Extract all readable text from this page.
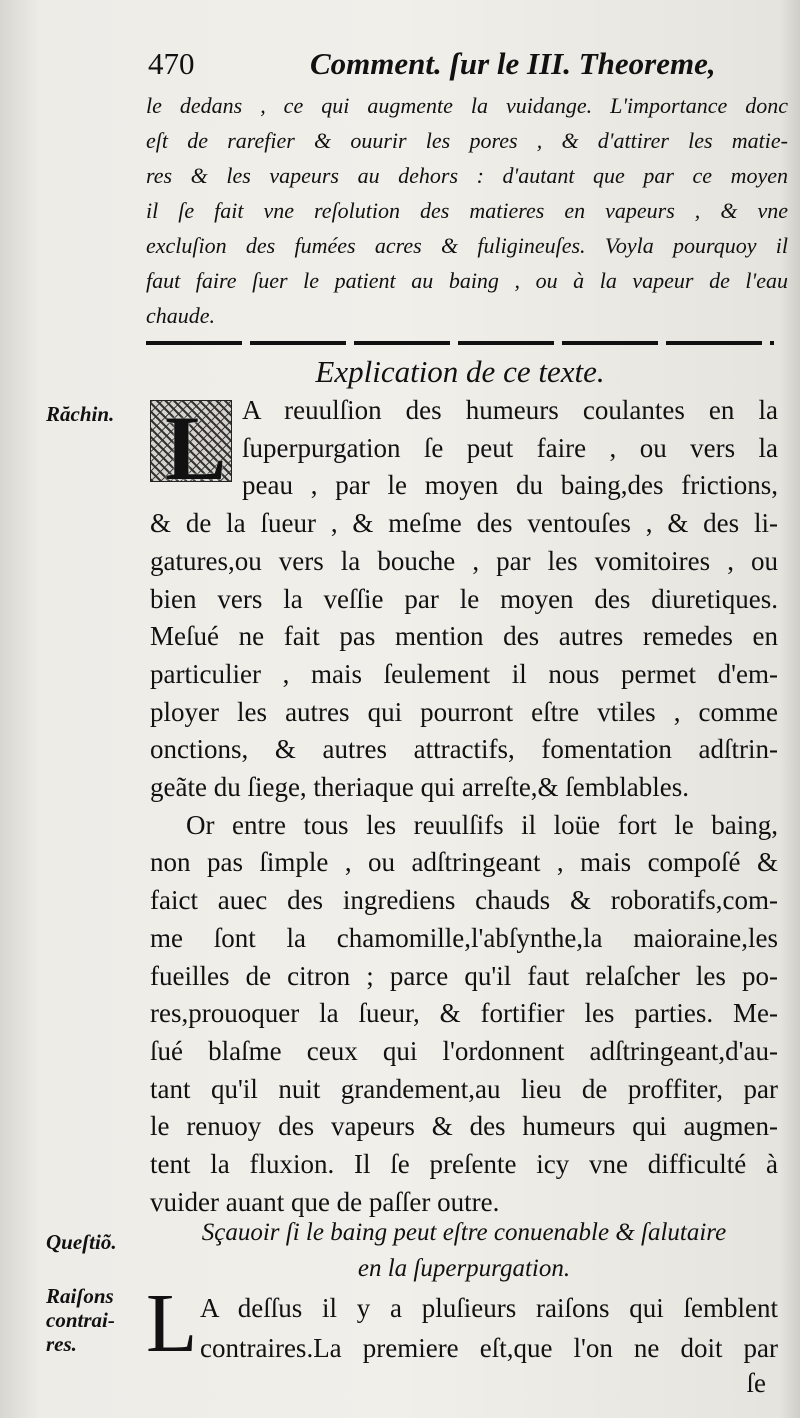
470	Comment. ſur le III. Theoreme,
le dedans , ce qui augmente la vuidange. L'importance donc
eſt de rarefier & ouurir les pores , & d'attirer les matie-
res & les vapeurs au dehors : d'autant que par ce moyen
il ſe fait vne reſolution des matieres en vapeurs , & vne
excluſion des fumées acres & fuligineuſes. Voyla pourquoy il
faut faire ſuer le patient au baing , ou à la vapeur de l'eau
chaude.
Explication de ce texte.
Răchin. L A reuulſion des humeurs coulantes en la
ſuperpurgation ſe peut faire , ou vers la
peau , par le moyen du baing,des frictions,
& de la ſueur , & meſme des ventouſes , & des li-
gatures,ou vers la bouche , par les vomitoires , ou
bien vers la veſſie par le moyen des diuretiques.
Meſué ne fait pas mention des autres remedes en
particulier , mais ſeulement il nous permet d'em-
ployer les autres qui pourront eſtre vtiles , comme
onctions, & autres attractifs, fomentation adſtrin-
geãte du ſiege, theriaque qui arreſte,& ſemblables.
Or entre tous les reuulſifs il loüe fort le baing,
non pas ſimple , ou adſtringeant , mais compoſé &
faict auec des ingrediens chauds & roboratifs,com-
me ſont la chamomille,l'abſynthe,la maioraine,les
fueilles de citron ; parce qu'il faut relaſcher les po-
res,prouoquer la ſueur, & fortifier les parties. Me-
ſué blaſme ceux qui l'ordonnent adſtringeant,d'au-
tant qu'il nuit grandement,au lieu de proffiter, par
le renuoy des vapeurs & des humeurs qui augmen-
tent la fluxion. Il ſe preſente icy vne difficulté à
vuider auant que de paſſer outre.
Queſtiõ.	Sçauoir ſi le baing peut eſtre conuenable & ſalutaire
en la ſuperpurgation.
Raiſons
contrai-
res. L A deſſus il y a pluſieurs raiſons qui ſemblent
contraires.La premiere eſt,que l'on ne doit par
ſe
